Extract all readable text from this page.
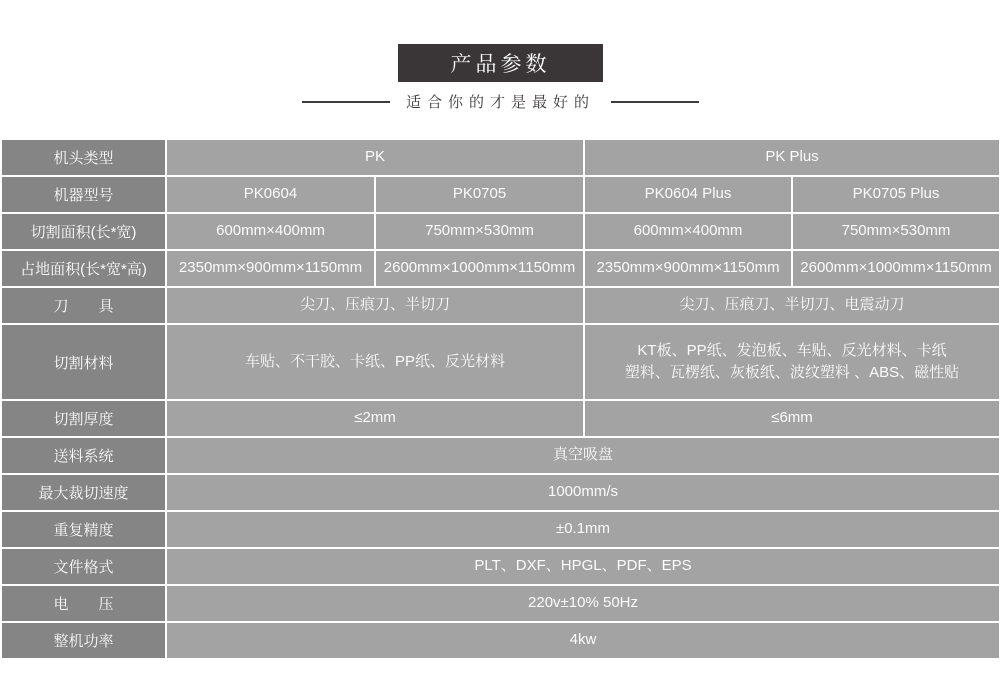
产品参数
适合你的才是最好的
机头类型	PK		PK Plus	
机器型号	PK0604	PK0705	PK0604 Plus	PK0705 Plus
切割面积(长*宽)	600mm×400mm	750mm×530mm	600mm×400mm	750mm×530mm
占地面积(长*宽*高)	2350mm×900mm×1150mm	2600mm×1000mm×1150mm	2350mm×900mm×1150mm	2600mm×1000mm×1150mm
刀　　具	尖刀、压痕刀、半切刀		尖刀、压痕刀、半切刀、电震动刀	
切割材料	车贴、不干胶、卡纸、PP纸、反光材料		KT板、PP纸、发泡板、车贴、反光材料、卡纸
塑料、瓦楞纸、灰板纸、波纹塑料 、ABS、磁性贴	
切割厚度	≤2mm		≤6mm	
送料系统	真空吸盘			
最大裁切速度	1000mm/s			
重复精度	±0.1mm			
文件格式	PLT、DXF、HPGL、PDF、EPS			
电　　压	220v±10% 50Hz			
整机功率	4kw			
